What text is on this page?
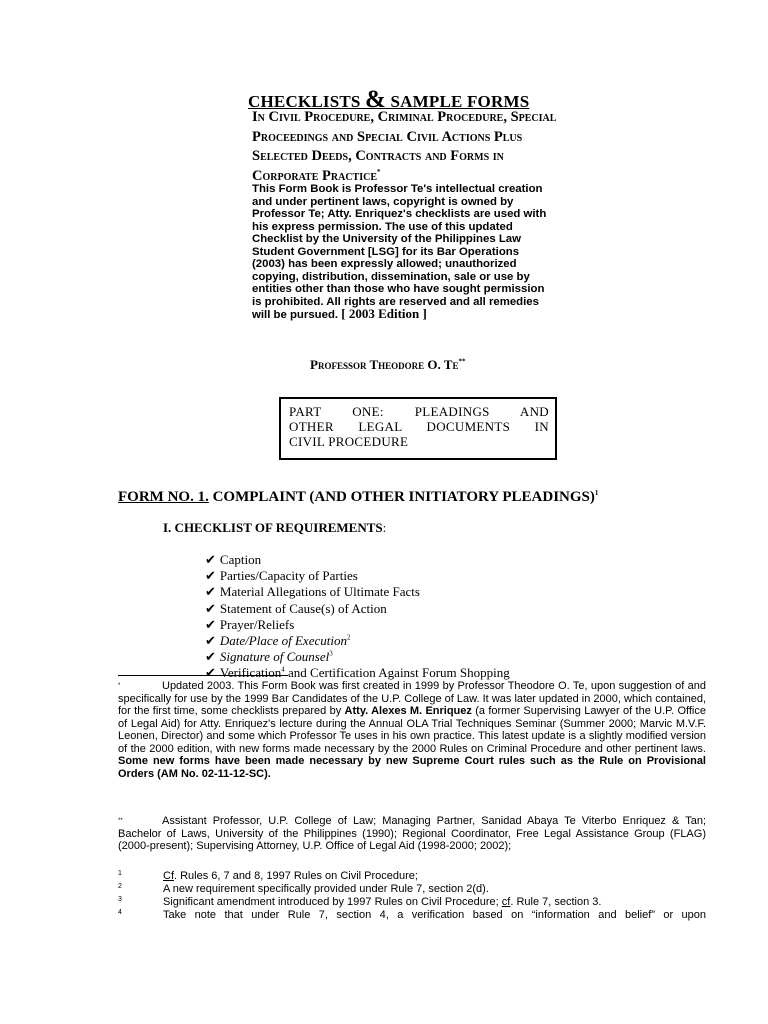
CHECKLISTS & SAMPLE FORMS
In Civil Procedure, Criminal Procedure, Special Proceedings and Special Civil Actions Plus Selected Deeds, Contracts and Forms in Corporate Practice*
This Form Book is Professor Te's intellectual creation and under pertinent laws, copyright is owned by Professor Te; Atty. Enriquez's checklists are used with his express permission. The use of this updated Checklist by the University of the Philippines Law Student Government [LSG] for its Bar Operations (2003) has been expressly allowed; unauthorized copying, distribution, dissemination, sale or use by entities other than those who have sought permission is prohibited. All rights are reserved and all remedies will be pursued. [ 2003 Edition ]
Professor Theodore O. Te**
PART ONE: PLEADINGS AND
OTHER LEGAL DOCUMENTS IN
CIVIL PROCEDURE
FORM NO. 1. COMPLAINT (AND OTHER INITIATORY PLEADINGS)$^1$
I. CHECKLIST OF REQUIREMENTS:
✔ Caption
✔ Parties/Capacity of Parties
✔ Material Allegations of Ultimate Facts
✔ Statement of Cause(s) of Action
✔ Prayer/Reliefs
✔ Date/Place of Execution$^2$
✔ Signature of Counsel$^3$
✔ Verification$^4$ and Certification Against Forum Shopping
*	Updated 2003. This Form Book was first created in 1999 by Professor Theodore O. Te, upon suggestion of and specifically for use by the 1999 Bar Candidates of the U.P. College of Law. It was later updated in 2000, which contained, for the first time, some checklists prepared by Atty. Alexes M. Enriquez (a former Supervising Lawyer of the U.P. Office of Legal Aid) for Atty. Enriquez's lecture during the Annual OLA Trial Techniques Seminar (Summer 2000; Marvic M.V.F. Leonen, Director) and some which Professor Te uses in his own practice. This latest update is a slightly modified version of the 2000 edition, with new forms made necessary by the 2000 Rules on Criminal Procedure and other pertinent laws. Some new forms have been made necessary by new Supreme Court rules such as the Rule on Provisional Orders (AM No. 02-11-12-SC).
**	Assistant Professor, U.P. College of Law; Managing Partner, Sanidad Abaya Te Viterbo Enriquez & Tan; Bachelor of Laws, University of the Philippines (1990); Regional Coordinator, Free Legal Assistance Group (FLAG) (2000-present); Supervising Attorney, U.P. Office of Legal Aid (1998-2000; 2002);
1	Cf. Rules 6, 7 and 8, 1997 Rules on Civil Procedure;
2	A new requirement specifically provided under Rule 7, section 2(d).
3	Significant amendment introduced by 1997 Rules on Civil Procedure; cf. Rule 7, section 3.
4	Take note that under Rule 7, section 4, a verification based on “information and belief” or upon
